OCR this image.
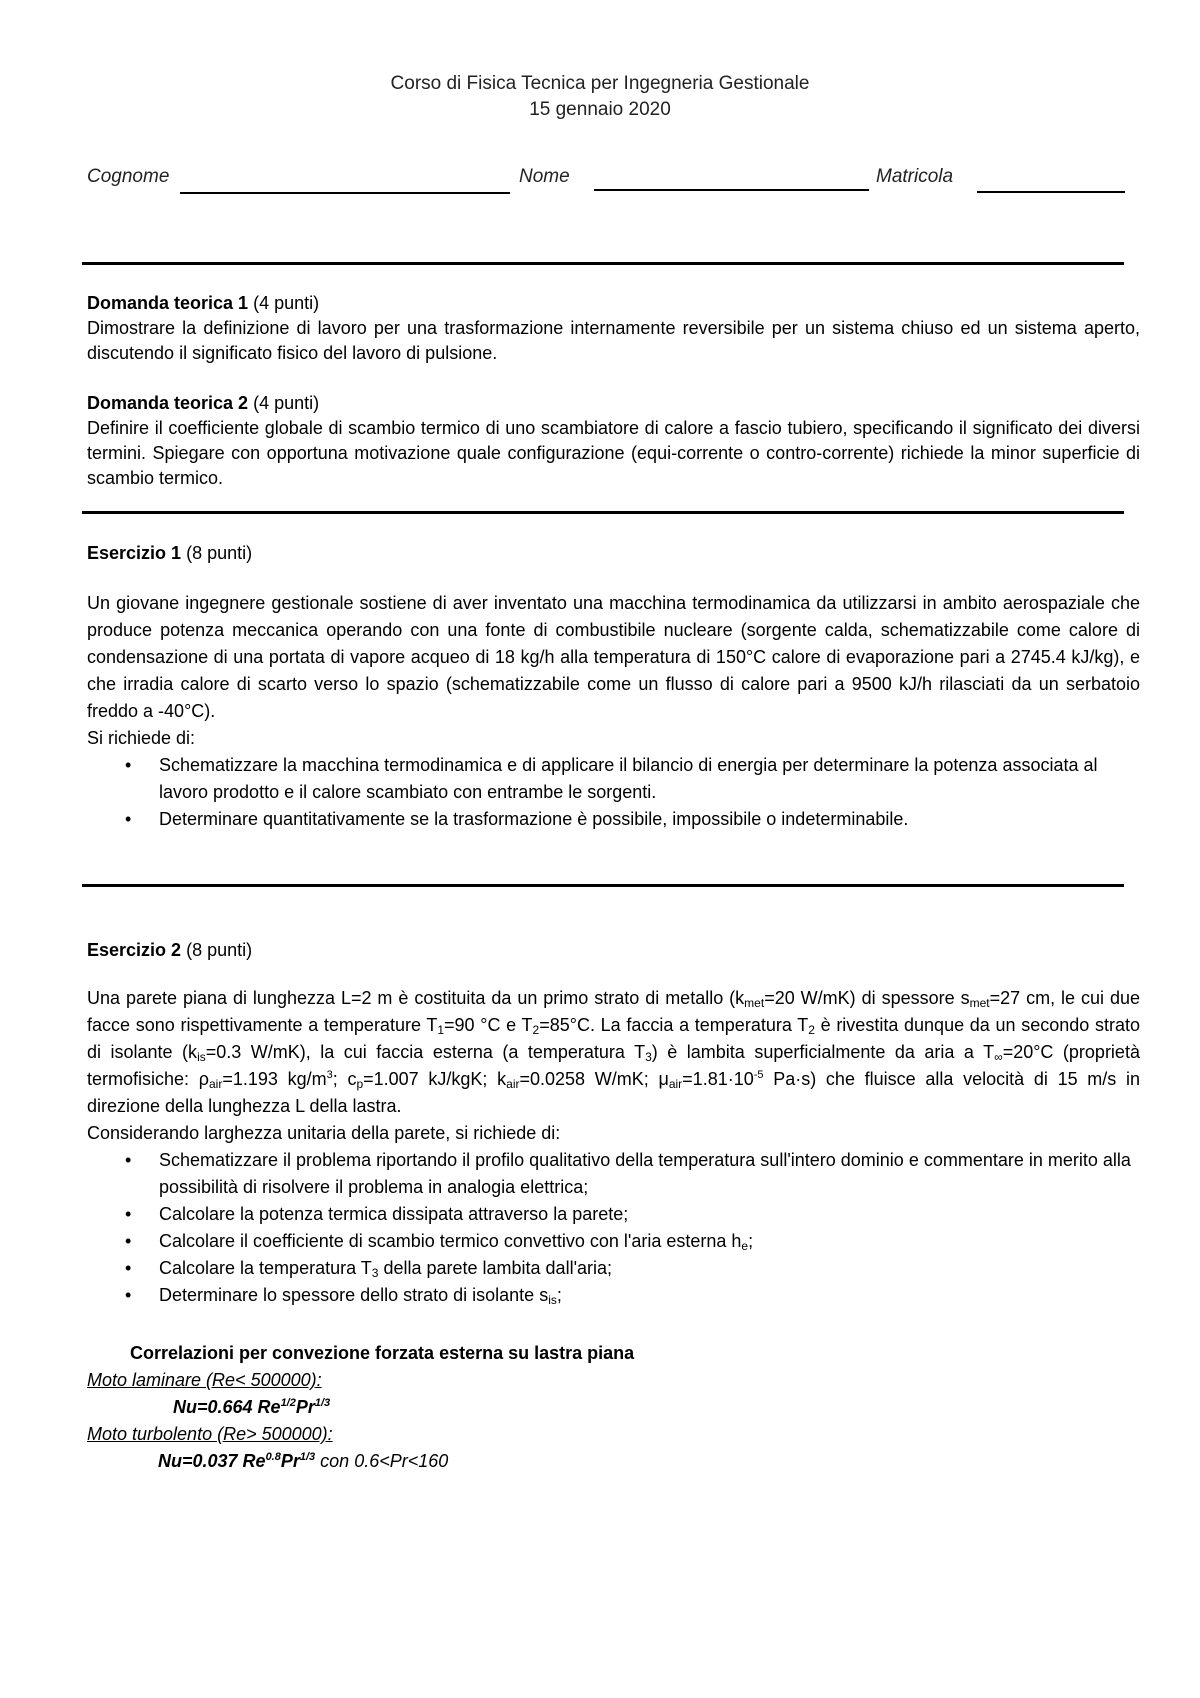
Corso di Fisica Tecnica per Ingegneria Gestionale
15 gennaio 2020
Cognome	Nome	Matricola
Domanda teorica 1 (4 punti)
Dimostrare la definizione di lavoro per una trasformazione internamente reversibile per un sistema chiuso ed un sistema aperto, discutendo il significato fisico del lavoro di pulsione.
Domanda teorica 2 (4 punti)
Definire il coefficiente globale di scambio termico di uno scambiatore di calore a fascio tubiero, specificando il significato dei diversi termini. Spiegare con opportuna motivazione quale configurazione (equi-corrente o contro-corrente) richiede la minor superficie di scambio termico.
Esercizio 1 (8 punti)
Un giovane ingegnere gestionale sostiene di aver inventato una macchina termodinamica da utilizzarsi in ambito aerospaziale che produce potenza meccanica operando con una fonte di combustibile nucleare (sorgente calda, schematizzabile come calore di condensazione di una portata di vapore acqueo di 18 kg/h alla temperatura di 150°C calore di evaporazione pari a 2745.4 kJ/kg), e che irradia calore di scarto verso lo spazio (schematizzabile come un flusso di calore pari a 9500 kJ/h rilasciati da un serbatoio freddo a -40°C).
Si richiede di:
• Schematizzare la macchina termodinamica e di applicare il bilancio di energia per determinare la potenza associata al lavoro prodotto e il calore scambiato con entrambe le sorgenti.
• Determinare quantitativamente se la trasformazione è possibile, impossibile o indeterminabile.
Esercizio 2 (8 punti)
Una parete piana di lunghezza L=2 m è costituita da un primo strato di metallo ($k_{met}=20$ W/mK) di spessore $s_{met}=27$ cm, le cui due facce sono rispettivamente a temperature $T_1=90$ °C e $T_2=85^\circ C$. La faccia a temperatura $T_2$ è rivestita dunque da un secondo strato di isolante ($k_{is}=0.3$ W/mK), la cui faccia esterna (a temperatura $T_3$) è lambita superficialmente da aria a $T_\infty=20^\circ C$ (proprietà termofisiche: $\rho_{air}=1.193$ $kg/m^3$; $c_p=1.007$ kJ/kgK; $k_{air}=0.0258$ W/mK; $\mu_{air}=1.81\cdot 10^{-5}$ Pa·s) che fluisce alla velocità di 15 m/s in direzione della lunghezza L della lastra.
Considerando larghezza unitaria della parete, si richiede di:
• Schematizzare il problema riportando il profilo qualitativo della temperatura sull'intero dominio e commentare in merito alla possibilità di risolvere il problema in analogia elettrica;
• Calcolare la potenza termica dissipata attraverso la parete;
• Calcolare il coefficiente di scambio termico convettivo con l'aria esterna $h_e$;
• Calcolare la temperatura $T_3$ della parete lambita dall'aria;
• Determinare lo spessore dello strato di isolante $s_{is}$;
Correlazioni per convezione forzata esterna su lastra piana
Moto laminare (Re< 500000):
Nu=0.664 $Re^{1/2}Pr^{1/3}$
Moto turbolento (Re> 500000):
Nu=0.037 $Re^{0.8}Pr^{1/3}$ con 0.6<Pr<160
